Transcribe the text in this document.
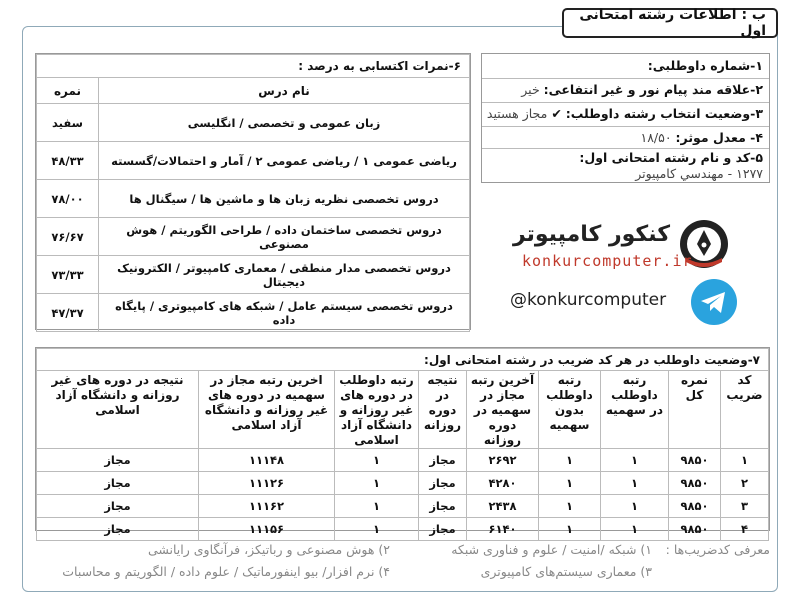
ب : اطلاعات رشته امتحانی اول
۱-شماره داوطلبی:
۲-علاقه مند پیام نور و غیر انتفاعی: خیر
۳-وضعیت انتخاب رشته داوطلب: ✔ مجاز هستید
۴- معدل موثر: ۱۸/۵۰
۵-کد و نام رشته امتحانی اول:
۱۲۷۷ - مهندسي كامپيوتر
۶-نمرات اکتسابی به درصد :	
نام درس	نمره
زبان عمومی و تخصصی / انگلیسی	سفید
ریاضی عمومی ۱ / ریاضی عمومی ۲ / آمار و احتمالات/گسسته	۴۸/۳۳
دروس تخصصی نظریه زبان ها و ماشین ها / سیگنال ها	۷۸/۰۰
دروس تخصصی ساختمان داده / طراحی الگوریتم / هوش مصنوعی	۷۶/۶۷
دروس تخصصی مدار منطقی / معماری کامپیوتر / الکترونیک دیجیتال	۷۳/۳۳
دروس تخصصی سیستم عامل / شبکه های کامپیوتری / پایگاه داده	۴۷/۳۷
کنکور کامپیوتر
konkurcomputer.ir
@konkurcomputer
۷-وضعیت داوطلب در هر کد ضریب در رشته امتحانی اول:								
کد ضریب	نمره کل	رتبه داوطلب در سهمیه	رتبه داوطلب بدون سهمیه	آخرین رتبه مجاز در سهمیه در دوره روزانه	نتیجه در دوره روزانه	رتبه داوطلب در دوره های غیر روزانه و دانشگاه آزاد اسلامی	اخرین رتبه مجاز در سهمیه در دوره های غیر روزانه و دانشگاه آزاد اسلامی	نتیجه در دوره های غیر روزانه و دانشگاه آزاد اسلامی
۱	۹۸۵۰	۱	۱	۲۶۹۲	مجاز	۱	۱۱۱۴۸	مجاز
۲	۹۸۵۰	۱	۱	۴۲۸۰	مجاز	۱	۱۱۱۲۶	مجاز
۳	۹۸۵۰	۱	۱	۲۴۳۸	مجاز	۱	۱۱۱۶۲	مجاز
۴	۹۸۵۰	۱	۱	۶۱۴۰	مجاز	۱	۱۱۱۵۶	مجاز
معرفی کدضریب‌ها :
۱) شبکه /امنیت / علوم و فناوری شبکه
۲) هوش مصنوعی و رباتیکز، فرآنگاوی رایانشی
۳) معماری سیستم‌های کامپیوتری
۴) نرم افزار/ بیو اینفورماتیک / علوم داده / الگوریتم و محاسبات
